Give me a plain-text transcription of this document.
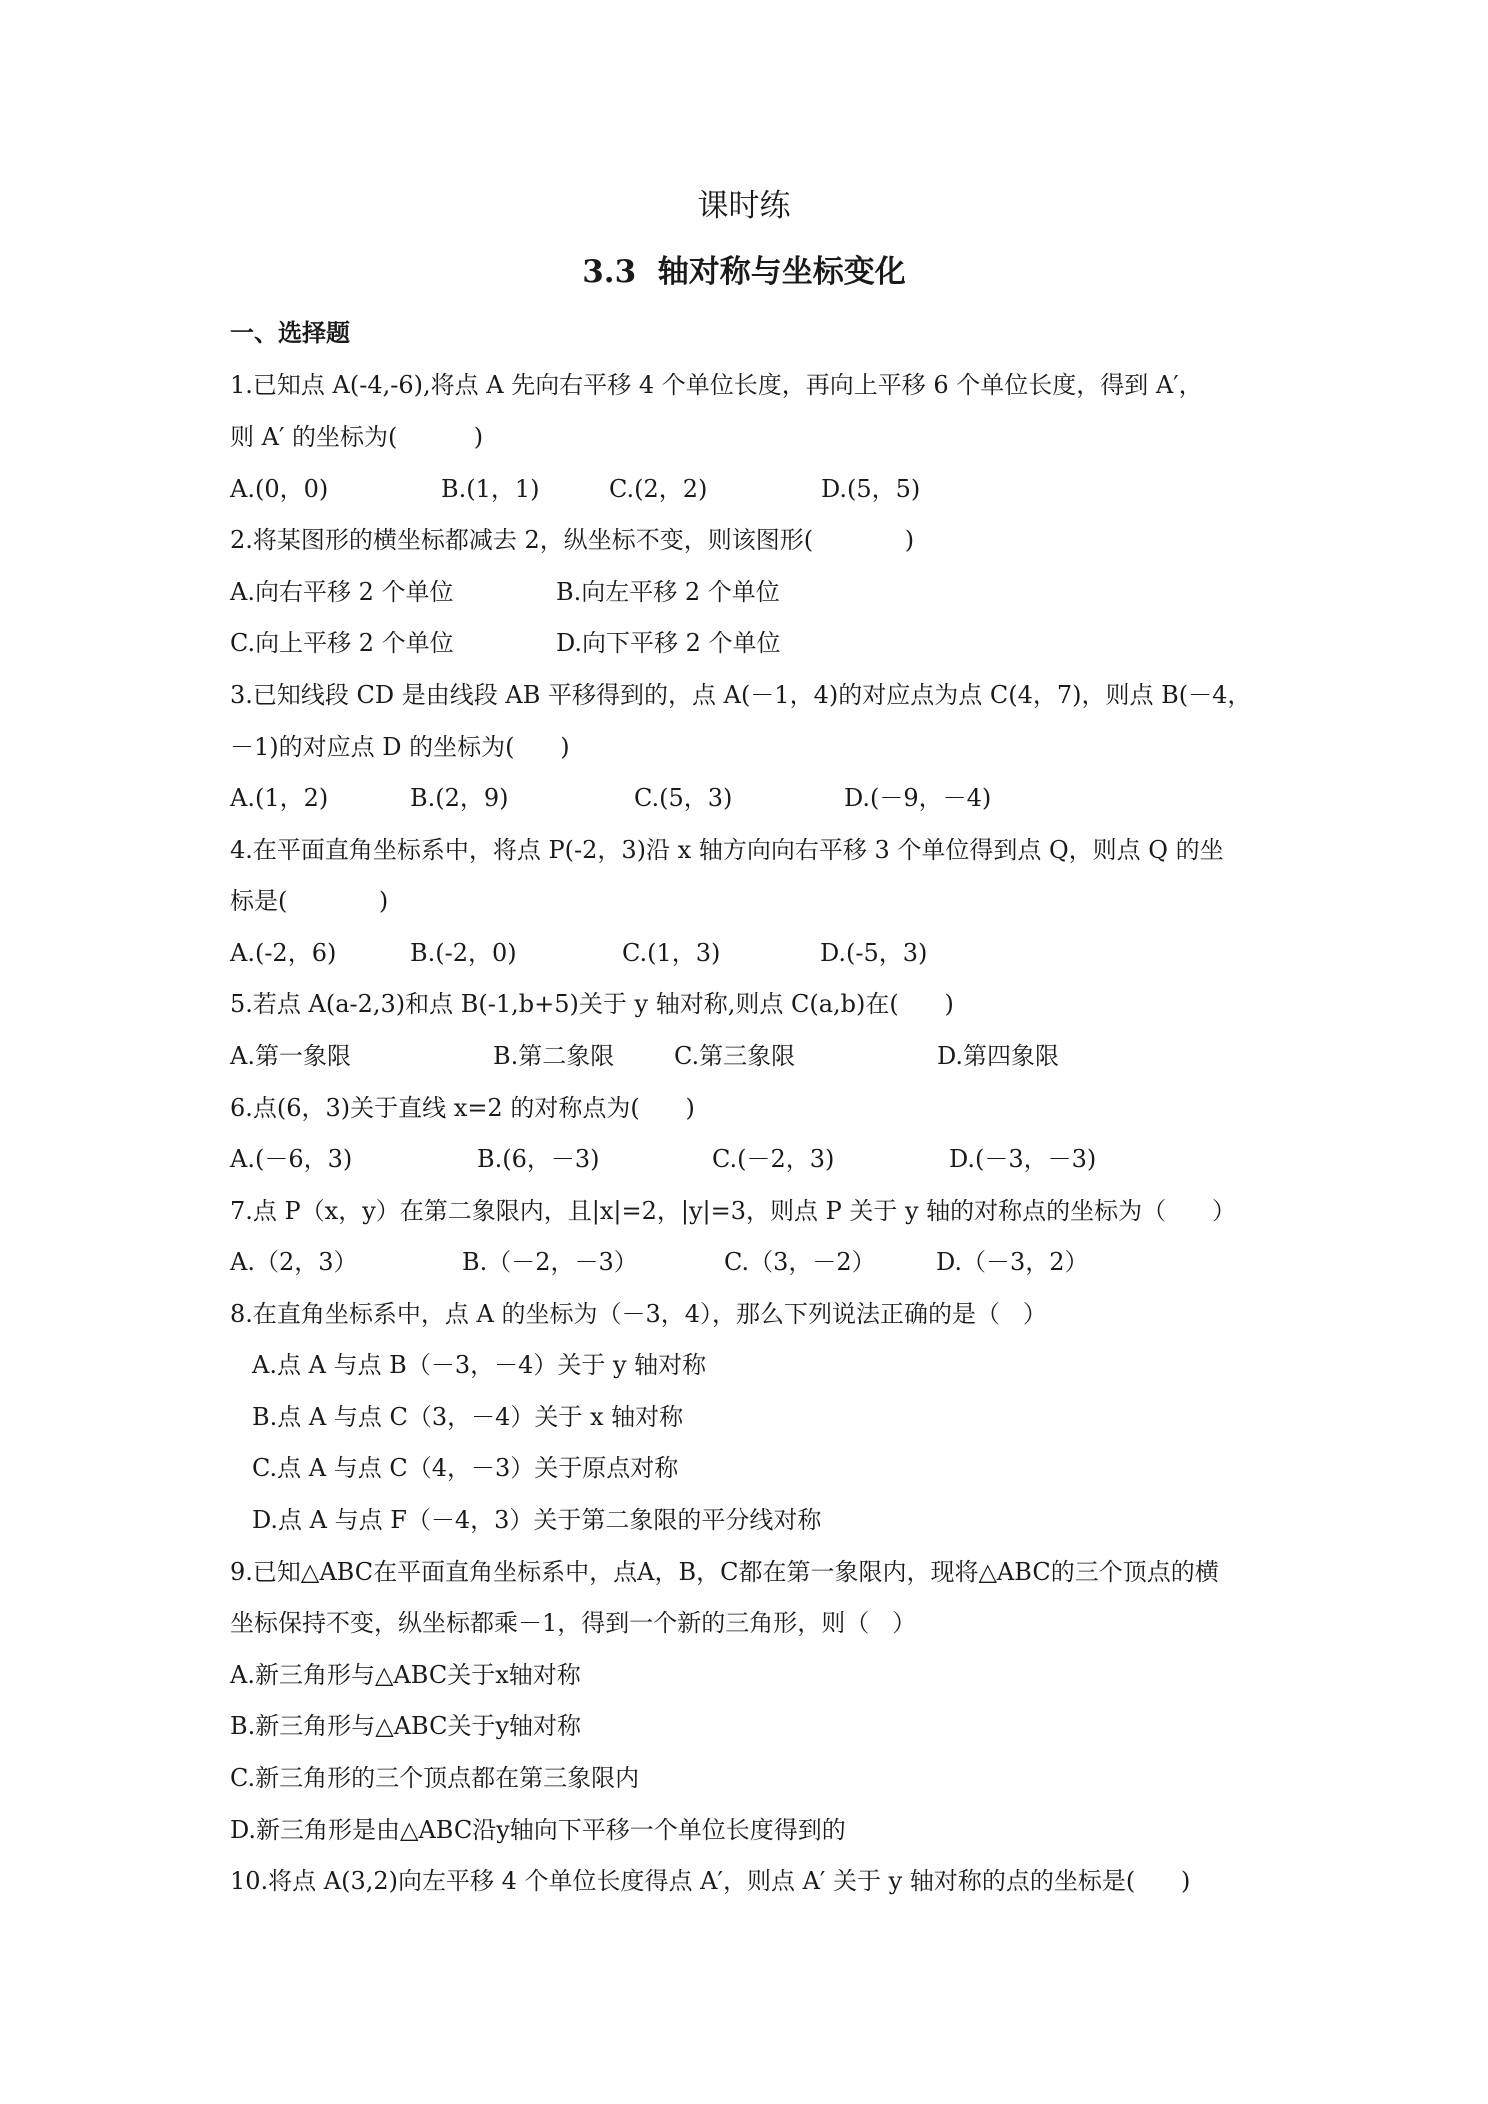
课时练
3.3  轴对称与坐标变化
一、选择题
1.已知点 A(-4,-6),将点 A 先向右平移 4 个单位长度，再向上平移 6 个单位长度，得到 A′，
则 A′ 的坐标为(          )
A.(0，0)	B.(1，1)	C.(2，2)	D.(5，5)
2.将某图形的横坐标都减去 2，纵坐标不变，则该图形(            )
A.向右平移 2 个单位	B.向左平移 2 个单位
C.向上平移 2 个单位	D.向下平移 2 个单位
3.已知线段 CD 是由线段 AB 平移得到的，点 A(－1，4)的对应点为点 C(4，7)，则点 B(－4，
－1)的对应点 D 的坐标为(      )
A.(1，2)	B.(2，9)	C.(5，3)	D.(－9，－4)
4.在平面直角坐标系中，将点 P(-2，3)沿 x 轴方向向右平移 3 个单位得到点 Q，则点 Q 的坐
标是(            )
A.(-2，6)	B.(-2，0)	C.(1，3)	D.(-5，3)
5.若点 A(a-2,3)和点 B(-1,b+5)关于 y 轴对称,则点 C(a,b)在(      )
A.第一象限	B.第二象限 C.第三象限	D.第四象限
6.点(6，3)关于直线 x=2 的对称点为(      )
A.(－6，3)	B.(6，－3)	C.(－2，3)	D.(－3，－3)
7.点 P（x，y）在第二象限内，且|x|=2，|y|=3，则点 P 关于 y 轴的对称点的坐标为（      ）
A.（2，3）	B.（－2，－3）	C.（3，－2）	D.（－3，2）
8.在直角坐标系中，点 A 的坐标为（－3，4），那么下列说法正确的是（   ）
A.点 A 与点 B（－3，－4）关于 y 轴对称
B.点 A 与点 C（3，－4）关于 x 轴对称
C.点 A 与点 C（4，－3）关于原点对称
D.点 A 与点 F（－4，3）关于第二象限的平分线对称
9.已知△ABC在平面直角坐标系中，点A，B，C都在第一象限内，现将△ABC的三个顶点的横
坐标保持不变，纵坐标都乘－1，得到一个新的三角形，则（   ）
A.新三角形与△ABC关于x轴对称
B.新三角形与△ABC关于y轴对称
C.新三角形的三个顶点都在第三象限内
D.新三角形是由△ABC沿y轴向下平移一个单位长度得到的
10.将点 A(3,2)向左平移 4 个单位长度得点 A′，则点 A′ 关于 y 轴对称的点的坐标是(      )
